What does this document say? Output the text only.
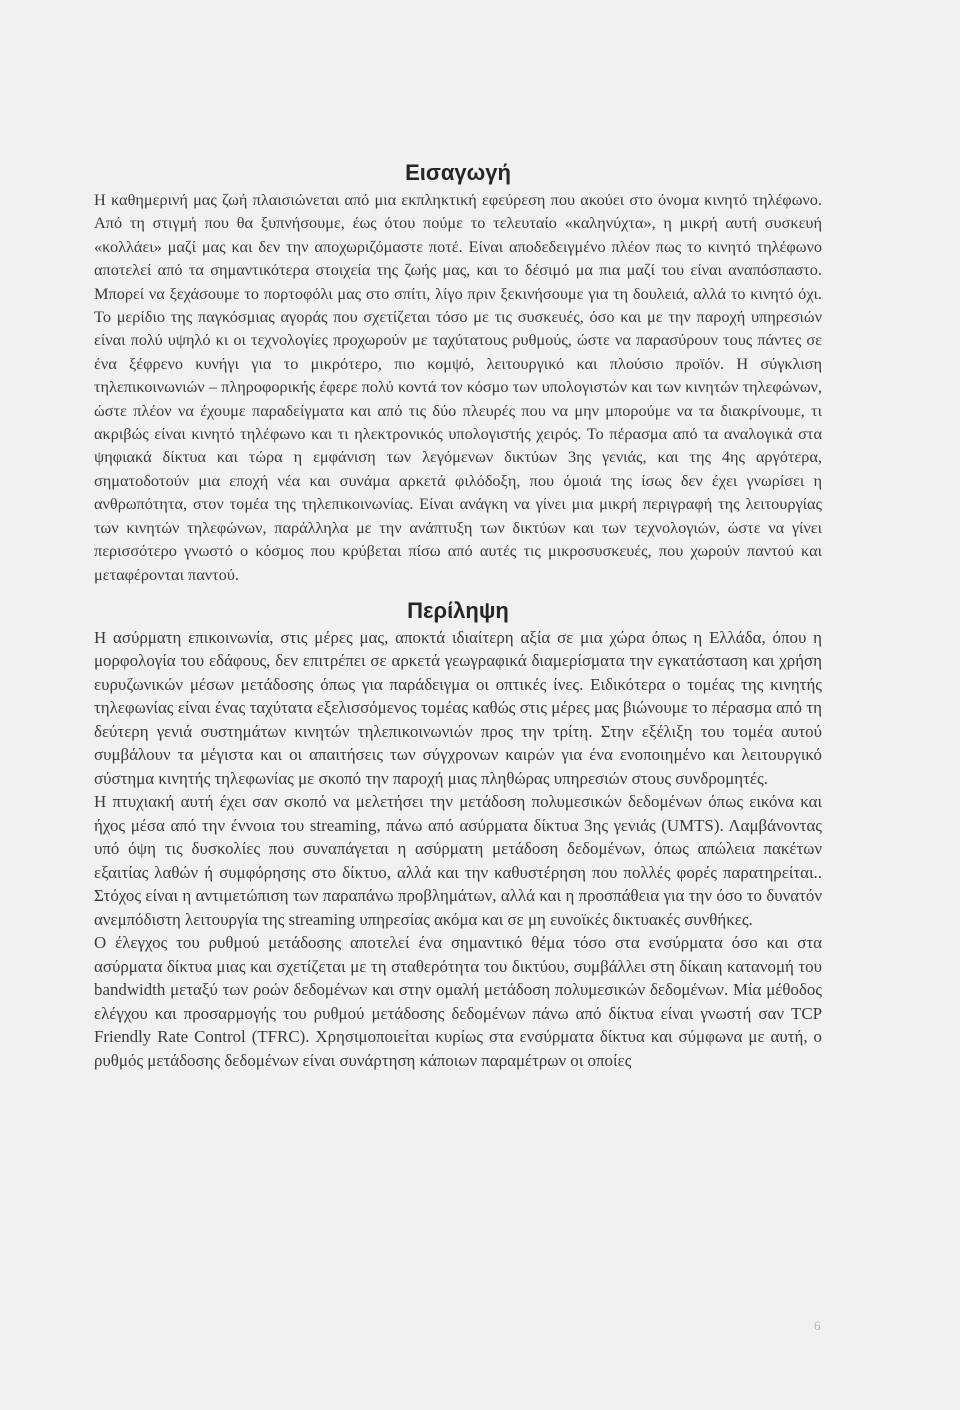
Εισαγωγή

Η καθημερινή μας ζωή πλαισιώνεται από μια εκπληκτική εφεύρεση που ακούει στο όνομα κινητό τηλέφωνο. Από τη στιγμή που θα ξυπνήσουμε, έως ότου πούμε το τελευταίο «καληνύχτα», η μικρή αυτή συσκευή «κολλάει» μαζί μας και δεν την αποχωριζόμαστε ποτέ. Είναι αποδεδειγμένο πλέον πως το κινητό τηλέφωνο αποτελεί από τα σημαντικότερα στοιχεία της ζωής μας, και το δέσιμό μα πια μαζί του είναι αναπόσπαστο. Μπορεί να ξεχάσουμε το πορτοφόλι μας στο σπίτι, λίγο πριν ξεκινήσουμε για τη δουλειά, αλλά το κινητό όχι. Το μερίδιο της παγκόσμιας αγοράς που σχετίζεται τόσο με τις συσκευές, όσο και με την παροχή υπηρεσιών είναι πολύ υψηλό κι οι τεχνολογίες προχωρούν με ταχύτατους ρυθμούς, ώστε να παρασύρουν τους πάντες σε ένα ξέφρενο κυνήγι για το μικρότερο, πιο κομψό, λειτουργικό και πλούσιο προϊόν. Η σύγκλιση τηλεπικοινωνιών – πληροφορικής έφερε πολύ κοντά τον κόσμο των υπολογιστών και των κινητών τηλεφώνων, ώστε πλέον να έχουμε παραδείγματα και από τις δύο πλευρές που να μην μπορούμε να τα διακρίνουμε, τι ακριβώς είναι κινητό τηλέφωνο και τι ηλεκτρονικός υπολογιστής χειρός. Το πέρασμα από τα αναλογικά στα ψηφιακά δίκτυα και τώρα η εμφάνιση των λεγόμενων δικτύων 3ης γενιάς, και της 4ης αργότερα, σηματοδοτούν μια εποχή νέα και συνάμα αρκετά φιλόδοξη, που όμοιά της ίσως δεν έχει γνωρίσει η ανθρωπότητα, στον τομέα της τηλεπικοινωνίας. Είναι ανάγκη να γίνει μια μικρή περιγραφή της λειτουργίας των κινητών τηλεφώνων, παράλληλα με την ανάπτυξη των δικτύων και των τεχνολογιών, ώστε να γίνει περισσότερο γνωστό ο κόσμος που κρύβεται πίσω από αυτές τις μικροσυσκευές, που χωρούν παντού και μεταφέρονται παντού.

Περίληψη

Η ασύρματη επικοινωνία, στις μέρες μας, αποκτά ιδιαίτερη αξία σε μια χώρα όπως η Ελλάδα, όπου η μορφολογία του εδάφους, δεν επιτρέπει σε αρκετά γεωγραφικά διαμερίσματα την εγκατάσταση και χρήση ευρυζωνικών μέσων μετάδοσης όπως για παράδειγμα οι οπτικές ίνες. Ειδικότερα ο τομέας της κινητής τηλεφωνίας είναι ένας ταχύτατα εξελισσόμενος τομέας καθώς στις μέρες μας βιώνουμε το πέρασμα από τη δεύτερη γενιά συστημάτων κινητών τηλεπικοινωνιών προς την τρίτη. Στην εξέλιξη του τομέα αυτού συμβάλουν τα μέγιστα και οι απαιτήσεις των σύγχρονων καιρών για ένα ενοποιημένο και λειτουργικό σύστημα κινητής τηλεφωνίας με σκοπό την παροχή μιας πληθώρας υπηρεσιών στους συνδρομητές.

Η πτυχιακή αυτή έχει σαν σκοπό να μελετήσει την μετάδοση πολυμεσικών δεδομένων όπως εικόνα και ήχος μέσα από την έννοια του streaming, πάνω από ασύρματα δίκτυα 3ης γενιάς (UMTS). Λαμβάνοντας υπό όψη τις δυσκολίες που συναπάγεται η ασύρματη μετάδοση δεδομένων, όπως απώλεια πακέτων εξαιτίας λαθών ή συμφόρησης στο δίκτυο, αλλά και την καθυστέρηση που πολλές φορές παρατηρείται.. Στόχος είναι η αντιμετώπιση των παραπάνω προβλημάτων, αλλά και η προσπάθεια για την όσο το δυνατόν ανεμπόδιστη λειτουργία της streaming υπηρεσίας ακόμα και σε μη ευνοϊκές δικτυακές συνθήκες.

Ο έλεγχος του ρυθμού μετάδοσης αποτελεί ένα σημαντικό θέμα τόσο στα ενσύρματα όσο και στα ασύρματα δίκτυα μιας και σχετίζεται με τη σταθερότητα του δικτύου, συμβάλλει στη δίκαιη κατανομή του bandwidth μεταξύ των ροών δεδομένων και στην ομαλή μετάδοση πολυμεσικών δεδομένων. Μία μέθοδος ελέγχου και προσαρμογής του ρυθμού μετάδοσης δεδομένων πάνω από δίκτυα είναι γνωστή σαν TCP Friendly Rate Control (TFRC). Χρησιμοποιείται κυρίως στα ενσύρματα δίκτυα και σύμφωνα με αυτή, ο ρυθμός μετάδοσης δεδομένων είναι συνάρτηση κάποιων παραμέτρων οι οποίες

6
